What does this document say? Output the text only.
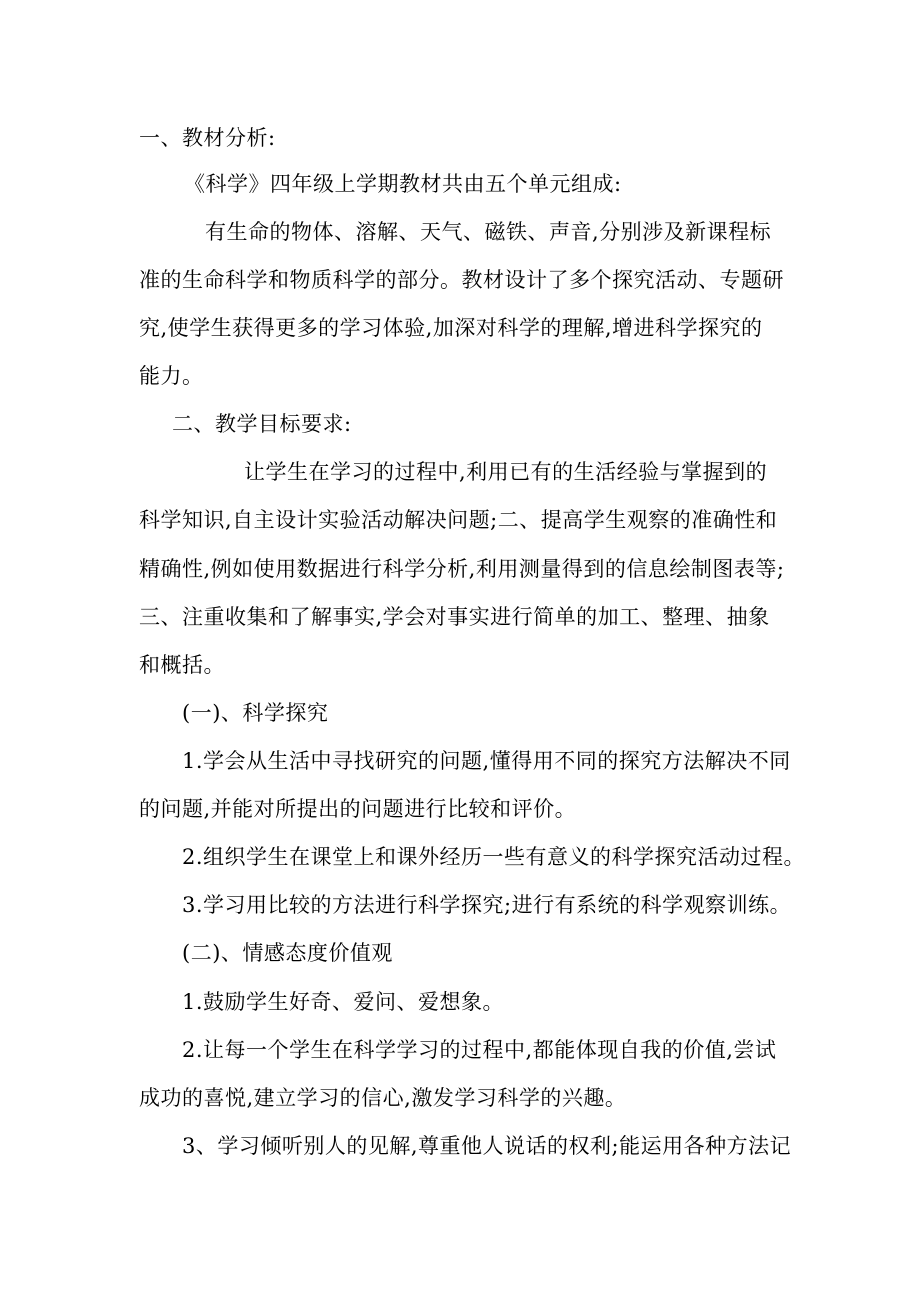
一、教材分析:
《科学》四年级上学期教材共由五个单元组成:
有生命的物体、溶解、天气、磁铁、声音,分别涉及新课程标
准的生命科学和物质科学的部分。教材设计了多个探究活动、专题研
究,使学生获得更多的学习体验,加深对科学的理解,增进科学探究的
能力。
二、教学目标要求:
让学生在学习的过程中,利用已有的生活经验与掌握到的
科学知识,自主设计实验活动解决问题;二、提高学生观察的准确性和
精确性,例如使用数据进行科学分析,利用测量得到的信息绘制图表等;
三、注重收集和了解事实,学会对事实进行简单的加工、整理、抽象
和概括。
(一)、科学探究
1.学会从生活中寻找研究的问题,懂得用不同的探究方法解决不同
的问题,并能对所提出的问题进行比较和评价。
2.组织学生在课堂上和课外经历一些有意义的科学探究活动过程。
3.学习用比较的方法进行科学探究;进行有系统的科学观察训练。
(二)、情感态度价值观
1.鼓励学生好奇、爱问、爱想象。
2.让每一个学生在科学学习的过程中,都能体现自我的价值,尝试
成功的喜悦,建立学习的信心,激发学习科学的兴趣。
3、学习倾听别人的见解,尊重他人说话的权利;能运用各种方法记
